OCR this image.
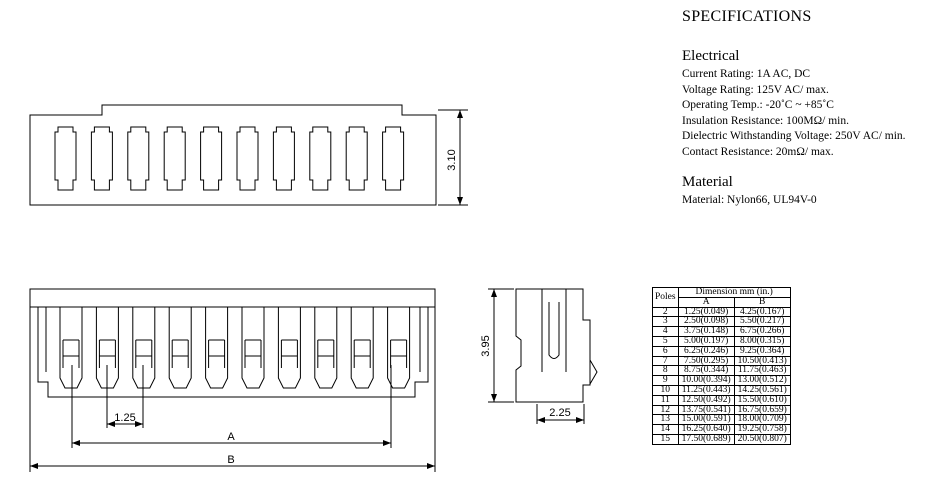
3.10
1.25
A
B
3.95
2.25
SPECIFICATIONS
Electrical
Current Rating: 1A AC, DC
Voltage Rating: 125V AC/ max.
Operating Temp.: -20˚C ~ +85˚C
Insulation Resistance: 100MΩ/ min.
Dielectric Withstanding Voltage: 250V AC/ min.
Contact Resistance: 20mΩ/ max.
Material
Material: Nylon66, UL94V-0
Poles	Dimension mm (in.)	
	A	B
2	1.25(0.049)	4.25(0.167)
3	2.50(0.098)	5.50(0.217)
4	3.75(0.148)	6.75(0.266)
5	5.00(0.197)	8.00(0.315)
6	6.25(0.246)	9.25(0.364)
7	7.50(0.295)	10.50(0.413)
8	8.75(0.344)	11.75(0.463)
9	10.00(0.394)	13.00(0.512)
10	11.25(0.443)	14.25(0.561)
11	12.50(0.492)	15.50(0.610)
12	13.75(0.541)	16.75(0.659)
13	15.00(0.591)	18.00(0.709)
14	16.25(0.640)	19.25(0.758)
15	17.50(0.689)	20.50(0.807)
